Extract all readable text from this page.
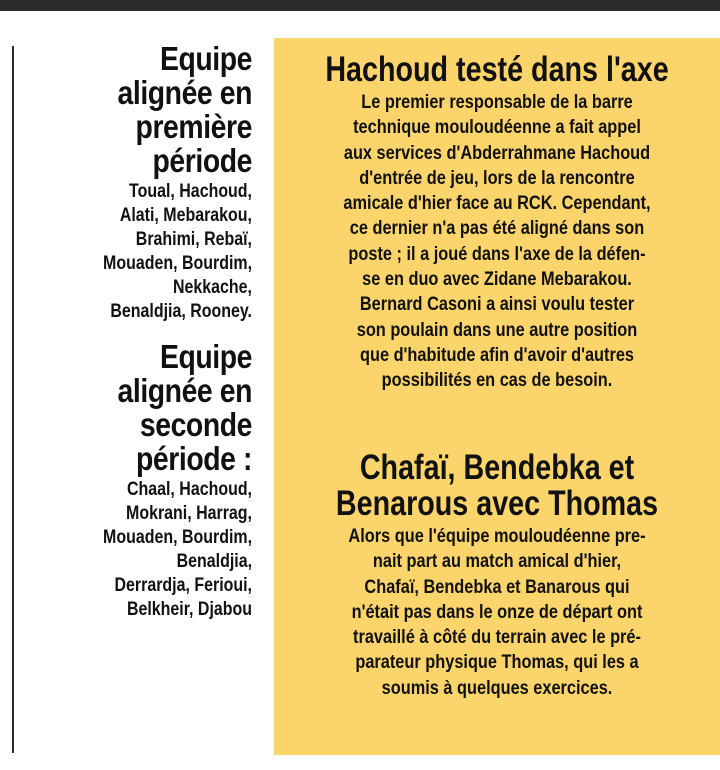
Equipe
alignée en
première
période
Toual, Hachoud,
Alati, Mebarakou,
Brahimi, Rebaï,
Mouaden, Bourdim,
Nekkache,
Benaldjia, Rooney.
Equipe
alignée en
seconde
période :
Chaal, Hachoud,
Mokrani, Harrag,
Mouaden, Bourdim,
Benaldjia,
Derrardja, Ferioui,
Belkheir, Djabou
Hachoud testé dans l'axe
Le premier responsable de la barre
technique mouloudéenne a fait appel
aux services d'Abderrahmane Hachoud
d'entrée de jeu, lors de la rencontre
amicale d'hier face au RCK. Cependant,
ce dernier n'a pas été aligné dans son
poste ; il a joué dans l'axe de la défen-
se en duo avec Zidane Mebarakou.
Bernard Casoni a ainsi voulu tester
son poulain dans une autre position
que d'habitude afin d'avoir d'autres
possibilités en cas de besoin.
Chafaï, Bendebka et
Benarous avec Thomas
Alors que l'équipe mouloudéenne pre-
nait part au match amical d'hier,
Chafaï, Bendebka et Banarous qui
n'était pas dans le onze de départ ont
travaillé à côté du terrain avec le pré-
parateur physique Thomas, qui les a
soumis à quelques exercices.
